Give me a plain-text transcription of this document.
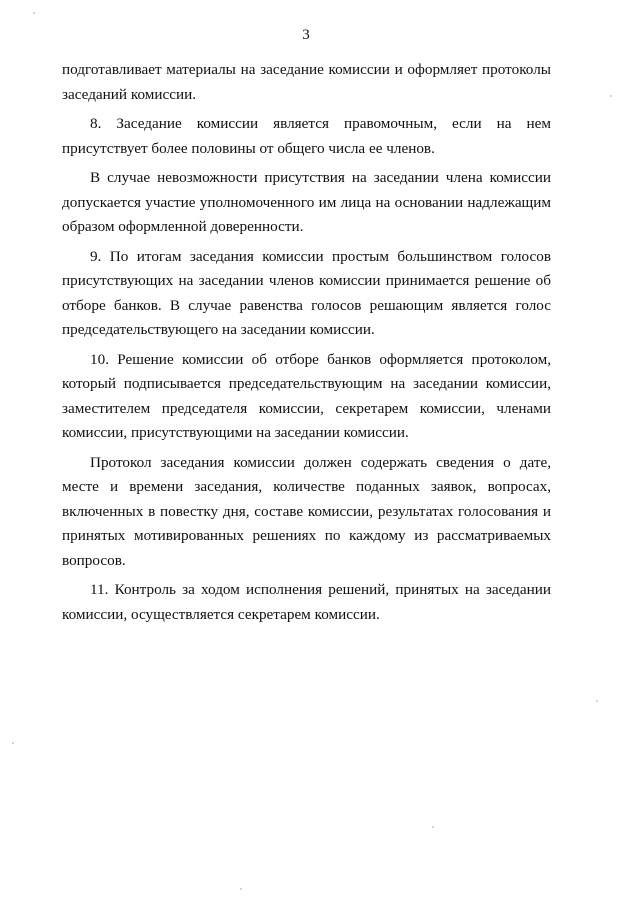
3

подготавливает материалы на заседание комиссии и оформляет протоколы заседаний комиссии.

8. Заседание комиссии является правомочным, если на нем присутствует более половины от общего числа ее членов.

В случае невозможности присутствия на заседании члена комиссии допускается участие уполномоченного им лица на основании надлежащим образом оформленной доверенности.

9. По итогам заседания комиссии простым большинством голосов присутствующих на заседании членов комиссии принимается решение об отборе банков. В случае равенства голосов решающим является голос председательствующего на заседании комиссии.

10. Решение комиссии об отборе банков оформляется протоколом, который подписывается председательствующим на заседании комиссии, заместителем председателя комиссии, секретарем комиссии, членами комиссии, присутствующими на заседании комиссии.

Протокол заседания комиссии должен содержать сведения о дате, месте и времени заседания, количестве поданных заявок, вопросах, включенных в повестку дня, составе комиссии, результатах голосования и принятых мотивированных решениях по каждому из рассматриваемых вопросов.

11. Контроль за ходом исполнения решений, принятых на заседании комиссии, осуществляется секретарем комиссии.
